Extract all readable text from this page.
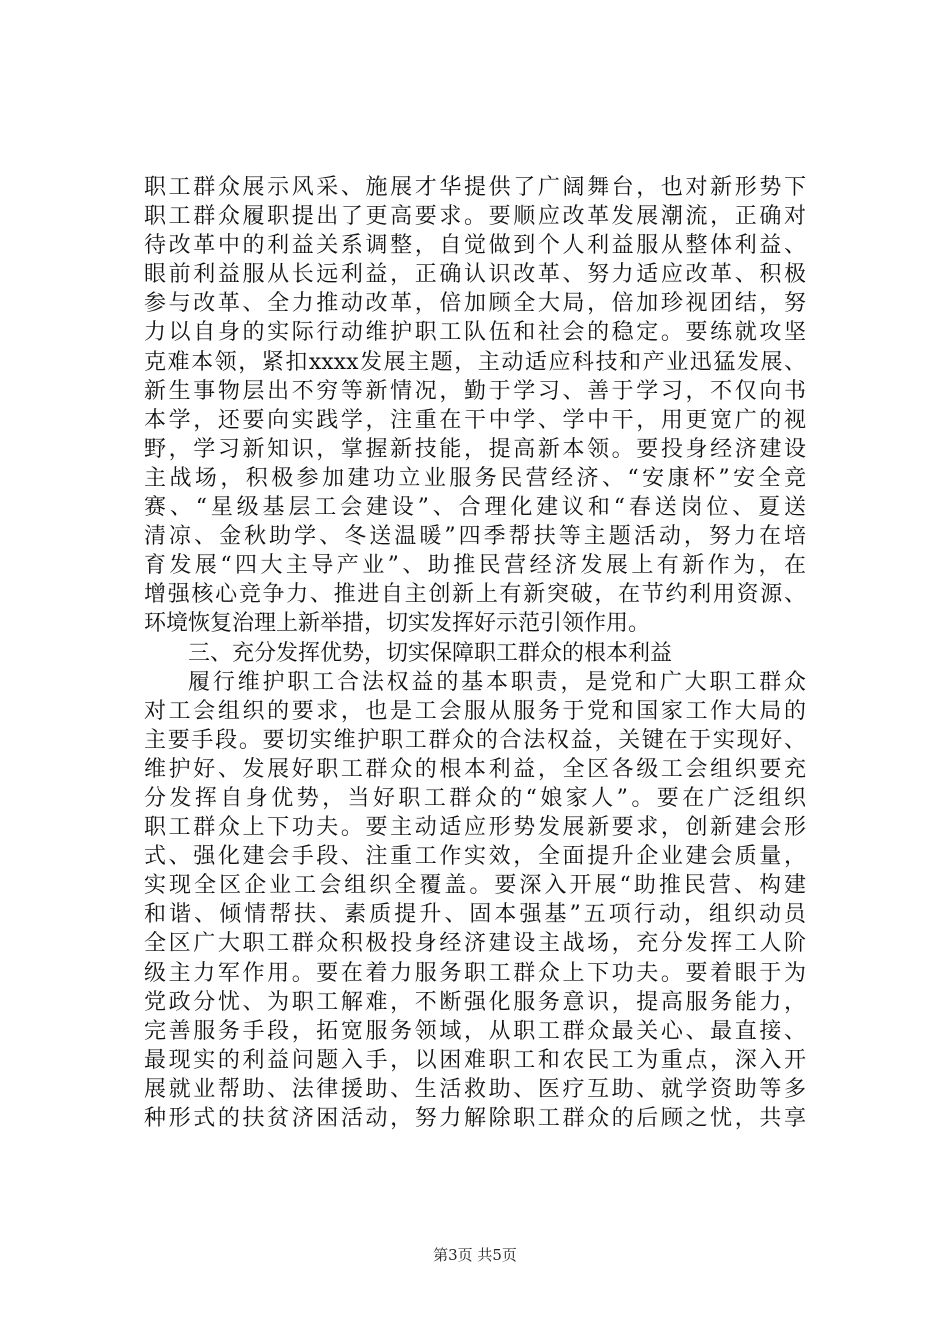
职工群众展示风采、施展才华提供了广阔舞台，也对新形势下
职工群众履职提出了更高要求。要顺应改革发展潮流，正确对
待改革中的利益关系调整，自觉做到个人利益服从整体利益、
眼前利益服从长远利益，正确认识改革、努力适应改革、积极
参与改革、全力推动改革，倍加顾全大局，倍加珍视团结，努
力以自身的实际行动维护职工队伍和社会的稳定。要练就攻坚
克难本领，紧扣xxxx发展主题，主动适应科技和产业迅猛发展、
新生事物层出不穷等新情况，勤于学习、善于学习，不仅向书
本学，还要向实践学，注重在干中学、学中干，用更宽广的视
野，学习新知识，掌握新技能，提高新本领。要投身经济建设
主战场，积极参加建功立业服务民营经济、“安康杯”安全竞
赛、“星级基层工会建设”、合理化建议和“春送岗位、夏送
清凉、金秋助学、冬送温暖”四季帮扶等主题活动，努力在培
育发展“四大主导产业”、助推民营经济发展上有新作为，在
增强核心竞争力、推进自主创新上有新突破，在节约利用资源、
环境恢复治理上新举措，切实发挥好示范引领作用。
三、充分发挥优势，切实保障职工群众的根本利益
履行维护职工合法权益的基本职责，是党和广大职工群众
对工会组织的要求，也是工会服从服务于党和国家工作大局的
主要手段。要切实维护职工群众的合法权益，关键在于实现好、
维护好、发展好职工群众的根本利益，全区各级工会组织要充
分发挥自身优势，当好职工群众的“娘家人”。要在广泛组织
职工群众上下功夫。要主动适应形势发展新要求，创新建会形
式、强化建会手段、注重工作实效，全面提升企业建会质量，
实现全区企业工会组织全覆盖。要深入开展“助推民营、构建
和谐、倾情帮扶、素质提升、固本强基”五项行动，组织动员
全区广大职工群众积极投身经济建设主战场，充分发挥工人阶
级主力军作用。要在着力服务职工群众上下功夫。要着眼于为
党政分忧、为职工解难，不断强化服务意识，提高服务能力，
完善服务手段，拓宽服务领域，从职工群众最关心、最直接、
最现实的利益问题入手，以困难职工和农民工为重点，深入开
展就业帮助、法律援助、生活救助、医疗互助、就学资助等多
种形式的扶贫济困活动，努力解除职工群众的后顾之忧，共享
第3页 共5页
